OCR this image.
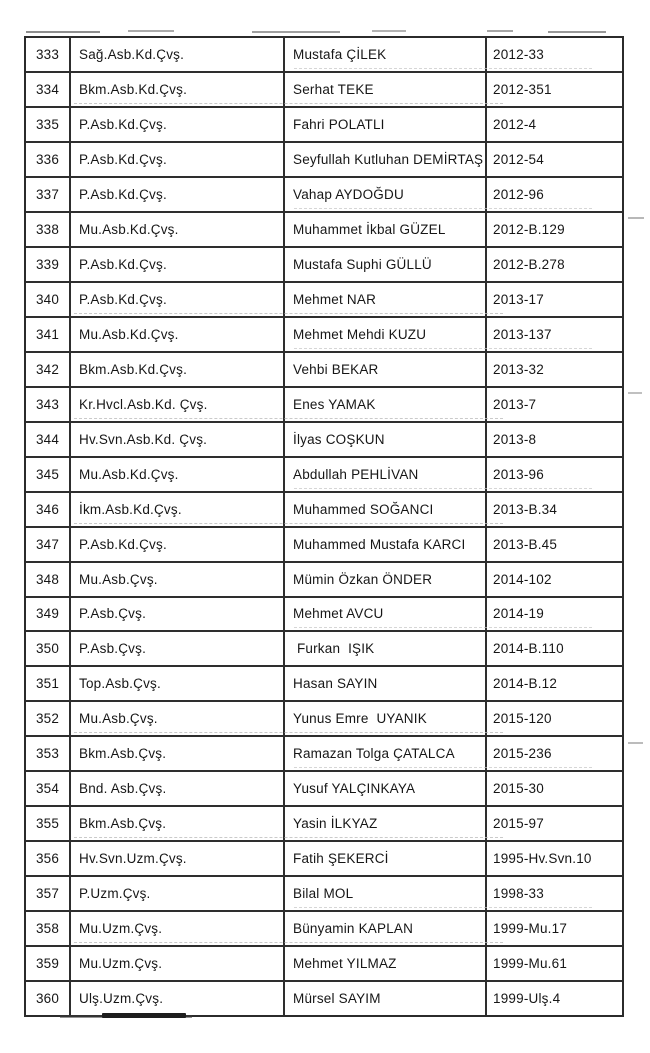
333	Sağ.Asb.Kd.Çvş.	Mustafa ÇİLEK	2012-33
334	Bkm.Asb.Kd.Çvş.	Serhat TEKE	2012-351
335	P.Asb.Kd.Çvş.	Fahri POLATLI	2012-4
336	P.Asb.Kd.Çvş.	Seyfullah Kutluhan DEMİRTAŞ 2012-54
337	P.Asb.Kd.Çvş.	Vahap AYDOĞDU	2012-96
338	Mu.Asb.Kd.Çvş.	Muhammet İkbal GÜZEL	2012-B.129
339	P.Asb.Kd.Çvş.	Mustafa Suphi GÜLLÜ	2012-B.278
340	P.Asb.Kd.Çvş.	Mehmet NAR	2013-17
341	Mu.Asb.Kd.Çvş.	Mehmet Mehdi KUZU	2013-137
342	Bkm.Asb.Kd.Çvş.	Vehbi BEKAR	2013-32
343	Kr.Hvcl.Asb.Kd. Çvş.	Enes YAMAK	2013-7
344	Hv.Svn.Asb.Kd. Çvş.	İlyas COŞKUN	2013-8
345	Mu.Asb.Kd.Çvş.	Abdullah PEHLİVAN	2013-96
346	İkm.Asb.Kd.Çvş.	Muhammed SOĞANCI	2013-B.34
347	P.Asb.Kd.Çvş.	Muhammed Mustafa KARCI	2013-B.45
348	Mu.Asb.Çvş.	Mümin Özkan ÖNDER	2014-102
349	P.Asb.Çvş.	Mehmet AVCU	2014-19
350	P.Asb.Çvş.	Furkan  IŞIK	2014-B.110
351	Top.Asb.Çvş.	Hasan SAYIN	2014-B.12
352	Mu.Asb.Çvş.	Yunus Emre  UYANIK	2015-120
353	Bkm.Asb.Çvş.	Ramazan Tolga ÇATALCA	2015-236
354	Bnd. Asb.Çvş.	Yusuf YALÇINKAYA	2015-30
355	Bkm.Asb.Çvş.	Yasin İLKYAZ	2015-97
356	Hv.Svn.Uzm.Çvş.	Fatih ŞEKERCİ	1995-Hv.Svn.10
357	P.Uzm.Çvş.	Bilal MOL	1998-33
358	Mu.Uzm.Çvş.	Bünyamin KAPLAN	1999-Mu.17
359	Mu.Uzm.Çvş.	Mehmet YILMAZ	1999-Mu.61
360	Ulş.Uzm.Çvş.	Mürsel SAYIM	1999-Ulş.4
